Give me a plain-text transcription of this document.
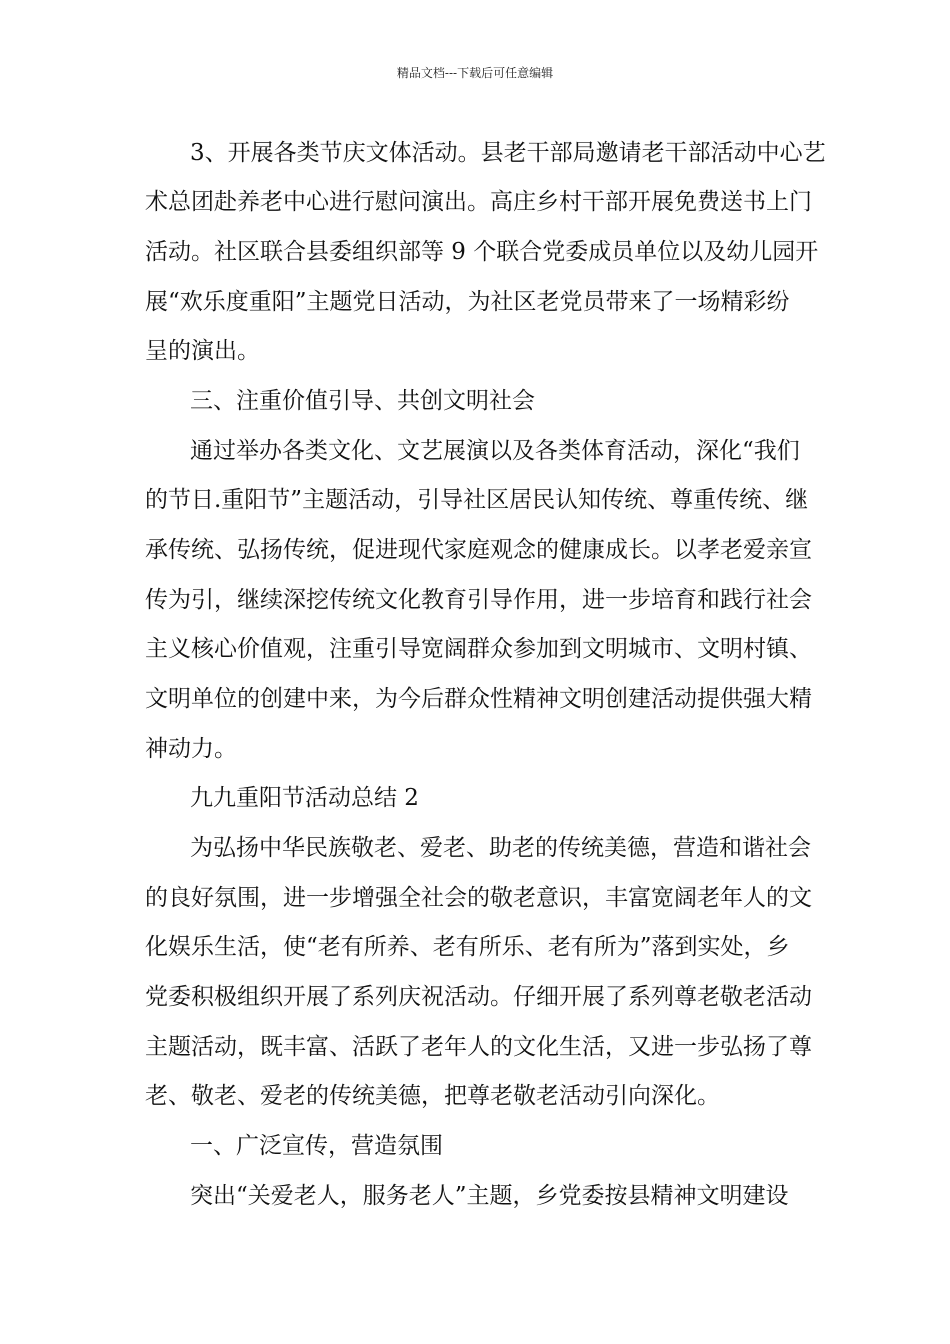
精品文档---下载后可任意编辑
3、开展各类节庆文体活动。县老干部局邀请老干部活动中心艺
术总团赴养老中心进行慰问演出。高庄乡村干部开展免费送书上门
活动。社区联合县委组织部等 9 个联合党委成员单位以及幼儿园开
展“欢乐度重阳”主题党日活动，为社区老党员带来了一场精彩纷
呈的演出。
三、注重价值引导、共创文明社会
通过举办各类文化、文艺展演以及各类体育活动，深化“我们
的节日.重阳节”主题活动，引导社区居民认知传统、尊重传统、继
承传统、弘扬传统，促进现代家庭观念的健康成长。以孝老爱亲宣
传为引，继续深挖传统文化教育引导作用，进一步培育和践行社会
主义核心价值观，注重引导宽阔群众参加到文明城市、文明村镇、
文明单位的创建中来，为今后群众性精神文明创建活动提供强大精
神动力。
九九重阳节活动总结 2
为弘扬中华民族敬老、爱老、助老的传统美德，营造和谐社会
的良好氛围，进一步增强全社会的敬老意识，丰富宽阔老年人的文
化娱乐生活，使“老有所养、老有所乐、老有所为”落到实处，乡
党委积极组织开展了系列庆祝活动。仔细开展了系列尊老敬老活动
主题活动，既丰富、活跃了老年人的文化生活，又进一步弘扬了尊
老、敬老、爱老的传统美德，把尊老敬老活动引向深化。
一、广泛宣传，营造氛围
突出“关爱老人，服务老人”主题，乡党委按县精神文明建设
